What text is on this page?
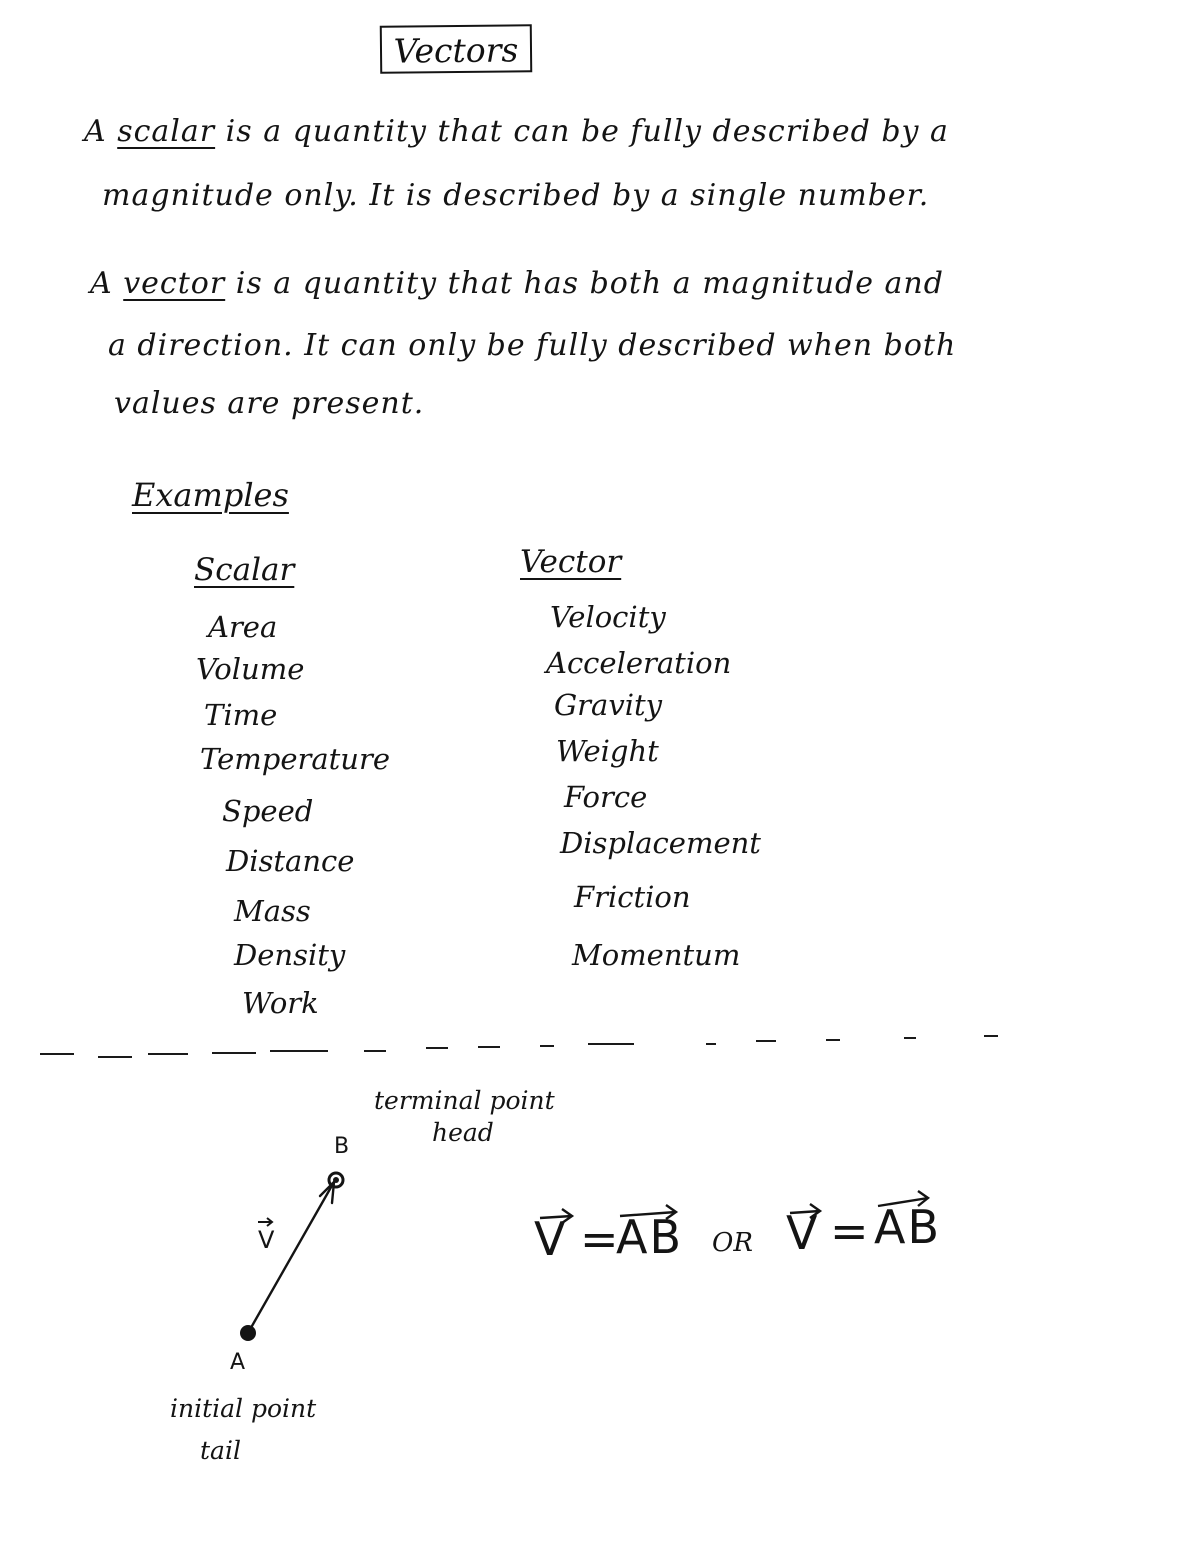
Vectors

A scalar is a quantity that can be fully described by a

magnitude only. It is described by a single number.

A vector is a quantity that has both a magnitude and

a direction. It can only be fully described when both

values are present.

Examples

Scalar	Vector

Area

Volume

Time

Temperature

Speed

Distance

Mass

Density

Work

Velocity

Acceleration

Gravity

Weight

Force

Displacement

Friction

Momentum

terminal point

head

B

V

A

initial point

tail

V =

AB OR V = AB
